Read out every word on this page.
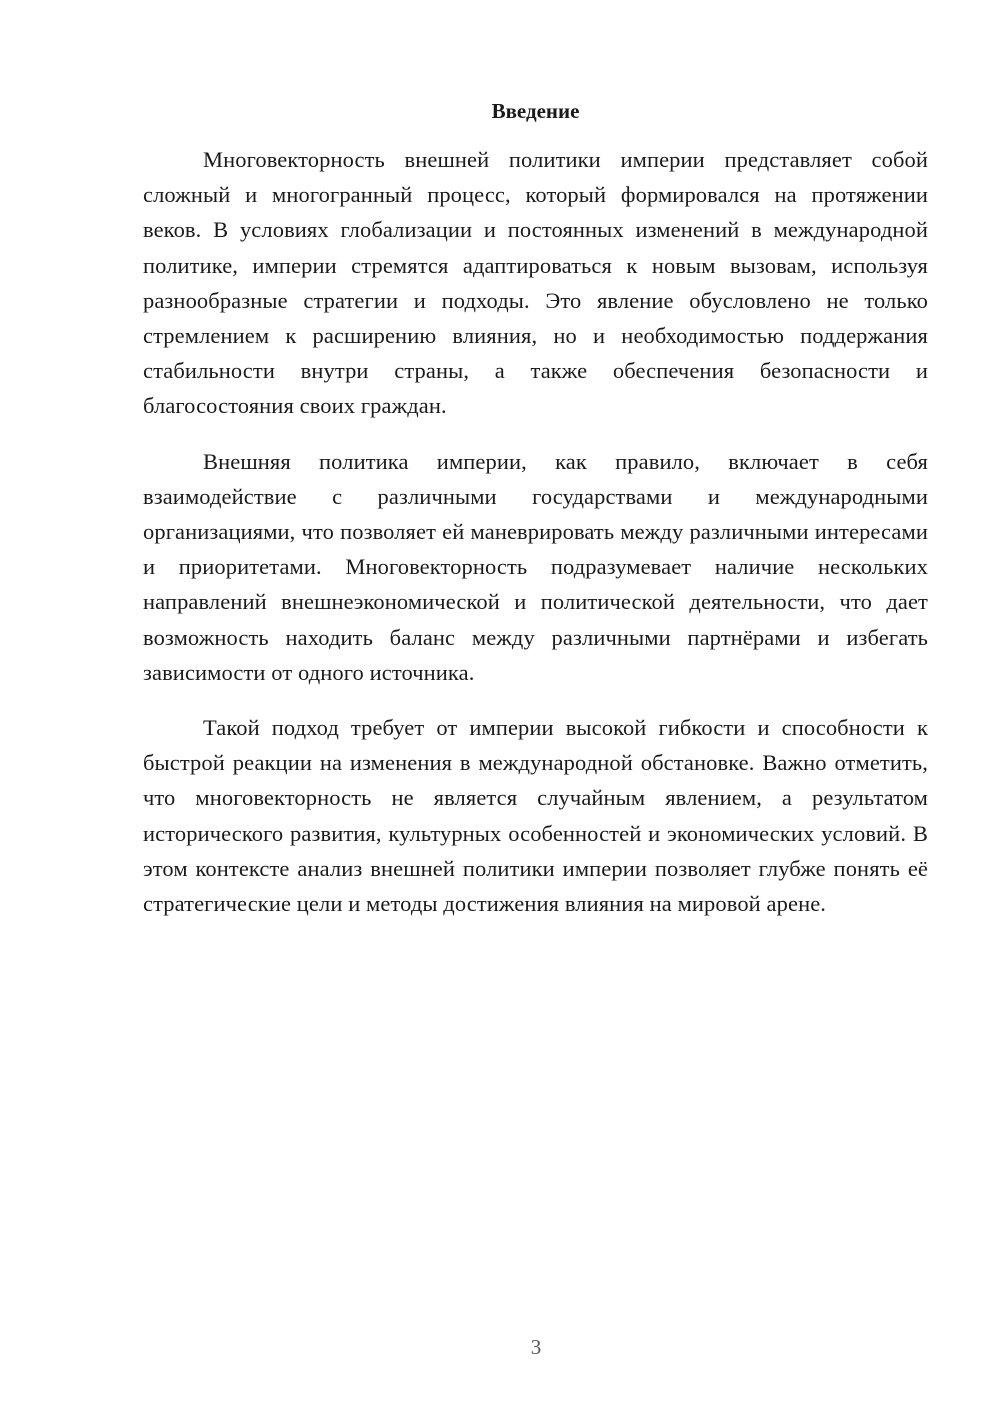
Введение

Многовекторность внешней политики империи представляет собой сложный и многогранный процесс, который формировался на протяжении веков. В условиях глобализации и постоянных изменений в международной политике, империи стремятся адаптироваться к новым вызовам, используя разнообразные стратегии и подходы. Это явление обусловлено не только стремлением к расширению влияния, но и необходимостью поддержания стабильности внутри страны, а также обеспечения безопасности и благосостояния своих граждан.

Внешняя политика империи, как правило, включает в себя взаимодействие с различными государствами и международными организациями, что позволяет ей маневрировать между различными интересами и приоритетами. Многовекторность подразумевает наличие нескольких направлений внешнеэкономической и политической деятельности, что дает возможность находить баланс между различными партнёрами и избегать зависимости от одного источника.

Такой подход требует от империи высокой гибкости и способности к быстрой реакции на изменения в международной обстановке. Важно отметить, что многовекторность не является случайным явлением, а результатом исторического развития, культурных особенностей и экономических условий. В этом контексте анализ внешней политики империи позволяет глубже понять её стратегические цели и методы достижения влияния на мировой арене.

3
